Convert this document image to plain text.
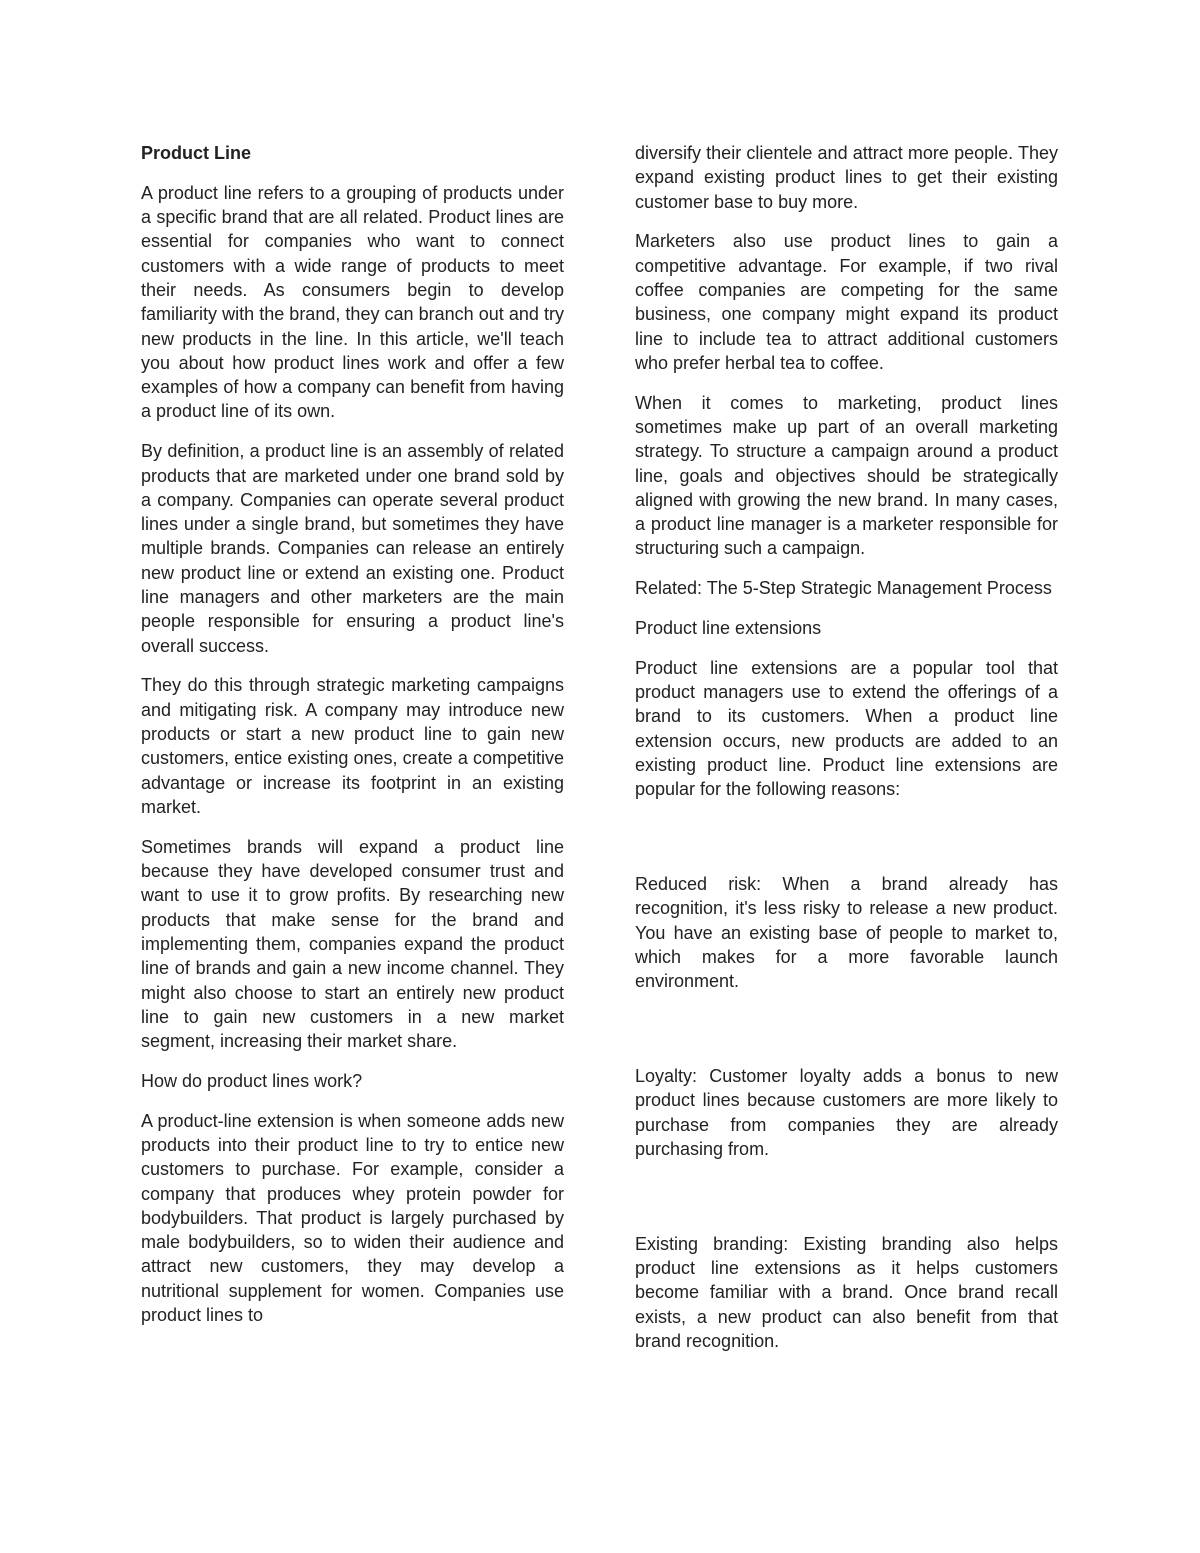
Product Line

A product line refers to a grouping of products under a specific brand that are all related. Product lines are essential for companies who want to connect customers with a wide range of products to meet their needs. As consumers begin to develop familiarity with the brand, they can branch out and try new products in the line. In this article, we'll teach you about how product lines work and offer a few examples of how a company can benefit from having a product line of its own.

By definition, a product line is an assembly of related products that are marketed under one brand sold by a company. Companies can operate several product lines under a single brand, but sometimes they have multiple brands. Companies can release an entirely new product line or extend an existing one. Product line managers and other marketers are the main people responsible for ensuring a product line's overall success.

They do this through strategic marketing campaigns and mitigating risk. A company may introduce new products or start a new product line to gain new customers, entice existing ones, create a competitive advantage or increase its footprint in an existing market.

Sometimes brands will expand a product line because they have developed consumer trust and want to use it to grow profits. By researching new products that make sense for the brand and implementing them, companies expand the product line of brands and gain a new income channel. They might also choose to start an entirely new product line to gain new customers in a new market segment, increasing their market share.

How do product lines work?

A product-line extension is when someone adds new products into their product line to try to entice new customers to purchase. For example, consider a company that produces whey protein powder for bodybuilders. That product is largely purchased by male bodybuilders, so to widen their audience and attract new customers, they may develop a nutritional supplement for women. Companies use product lines to

diversify their clientele and attract more people. They expand existing product lines to get their existing customer base to buy more.

Marketers also use product lines to gain a competitive advantage. For example, if two rival coffee companies are competing for the same business, one company might expand its product line to include tea to attract additional customers who prefer herbal tea to coffee.

When it comes to marketing, product lines sometimes make up part of an overall marketing strategy. To structure a campaign around a product line, goals and objectives should be strategically aligned with growing the new brand. In many cases, a product line manager is a marketer responsible for structuring such a campaign.

Related: The 5-Step Strategic Management Process

Product line extensions

Product line extensions are a popular tool that product managers use to extend the offerings of a brand to its customers. When a product line extension occurs, new products are added to an existing product line. Product line extensions are popular for the following reasons:

Reduced risk: When a brand already has recognition, it's less risky to release a new product. You have an existing base of people to market to, which makes for a more favorable launch environment.

Loyalty: Customer loyalty adds a bonus to new product lines because customers are more likely to purchase from companies they are already purchasing from.

Existing branding: Existing branding also helps product line extensions as it helps customers become familiar with a brand. Once brand recall exists, a new product can also benefit from that brand recognition.
